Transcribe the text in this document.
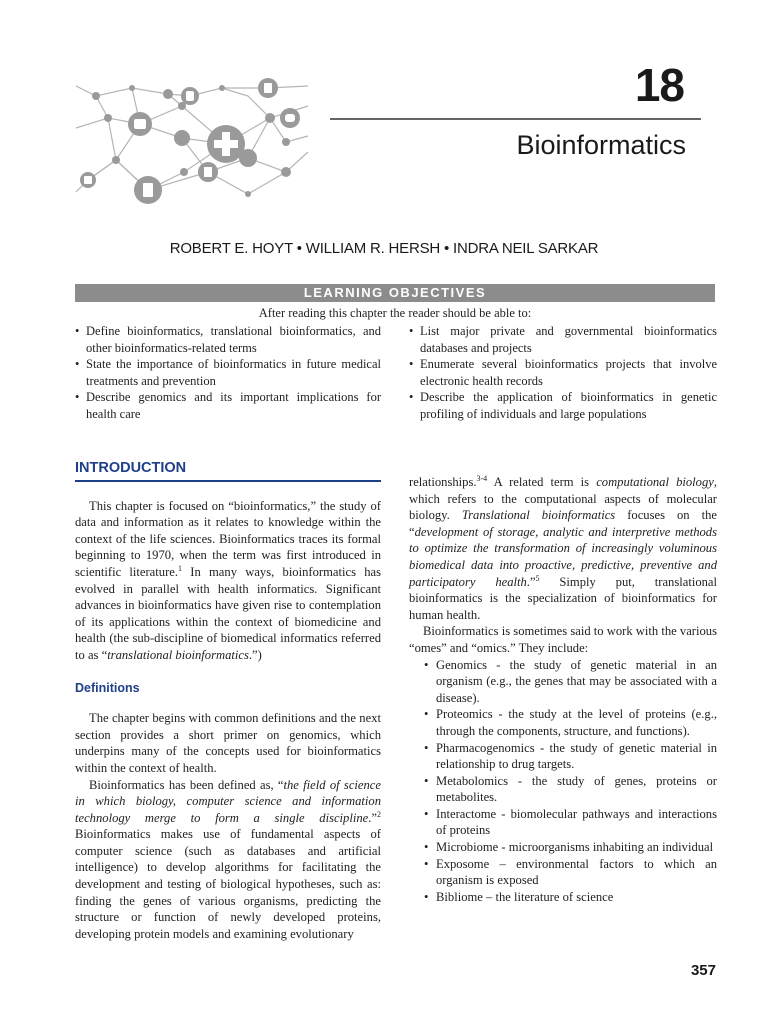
18
Bioinformatics
ROBERT E. HOYT • WILLIAM R. HERSH • INDRA NEIL SARKAR
LEARNING OBJECTIVES
After reading this chapter the reader should be able to:
• Define bioinformatics, translational bioinformatics, and other bioinformatics-related terms
• State the importance of bioinformatics in future medical treatments and prevention
• Describe genomics and its important implications for health care
• List major private and governmental bioinformatics databases and projects
• Enumerate several bioinformatics projects that involve electronic health records
• Describe the application of bioinformatics in genetic profiling of individuals and large populations
INTRODUCTION

This chapter is focused on “bioinformatics,” the study of data and information as it relates to knowledge within the context of the life sciences. Bioinformatics traces its formal beginning to 1970, when the term was first introduced in scientific literature.$^1$ In many ways, bioinformatics has evolved in parallel with health informatics. Significant advances in bioinformatics have given rise to contemplation of its applications within the context of biomedicine and health (the sub-discipline of biomedical informatics referred to as “translational bioinformatics.”)

Definitions

The chapter begins with common definitions and the next section provides a short primer on genomics, which underpins many of the concepts used for bioinformatics within the context of health.

Bioinformatics has been defined as, “the field of science in which biology, computer science and information technology merge to form a single discipline.”$^2$ Bioinformatics makes use of fundamental aspects of computer science (such as databases and artificial intelligence) to develop algorithms for facilitating the development and testing of biological hypotheses, such as: finding the genes of various organisms, predicting the structure or function of newly developed proteins, developing protein models and examining evolutionary

relationships.$^{3-4}$ A related term is computational biology, which refers to the computational aspects of molecular biology. Translational bioinformatics focuses on the “development of storage, analytic and interpretive methods to optimize the transformation of increasingly voluminous biomedical data into proactive, predictive, preventive and participatory health.”$^5$ Simply put, translational bioinformatics is the specialization of bioinformatics for human health.

Bioinformatics is sometimes said to work with the various “omes” and “omics.” They include:

• Genomics - the study of genetic material in an organism (e.g., the genes that may be associated with a disease).
• Proteomics - the study at the level of proteins (e.g., through the components, structure, and functions).
• Pharmacogenomics - the study of genetic material in relationship to drug targets.
• Metabolomics - the study of genes, proteins or metabolites.
• Interactome - biomolecular pathways and interactions of proteins
• Microbiome - microorganisms inhabiting an individual
• Exposome – environmental factors to which an organism is exposed
• Bibliome – the literature of science
357
